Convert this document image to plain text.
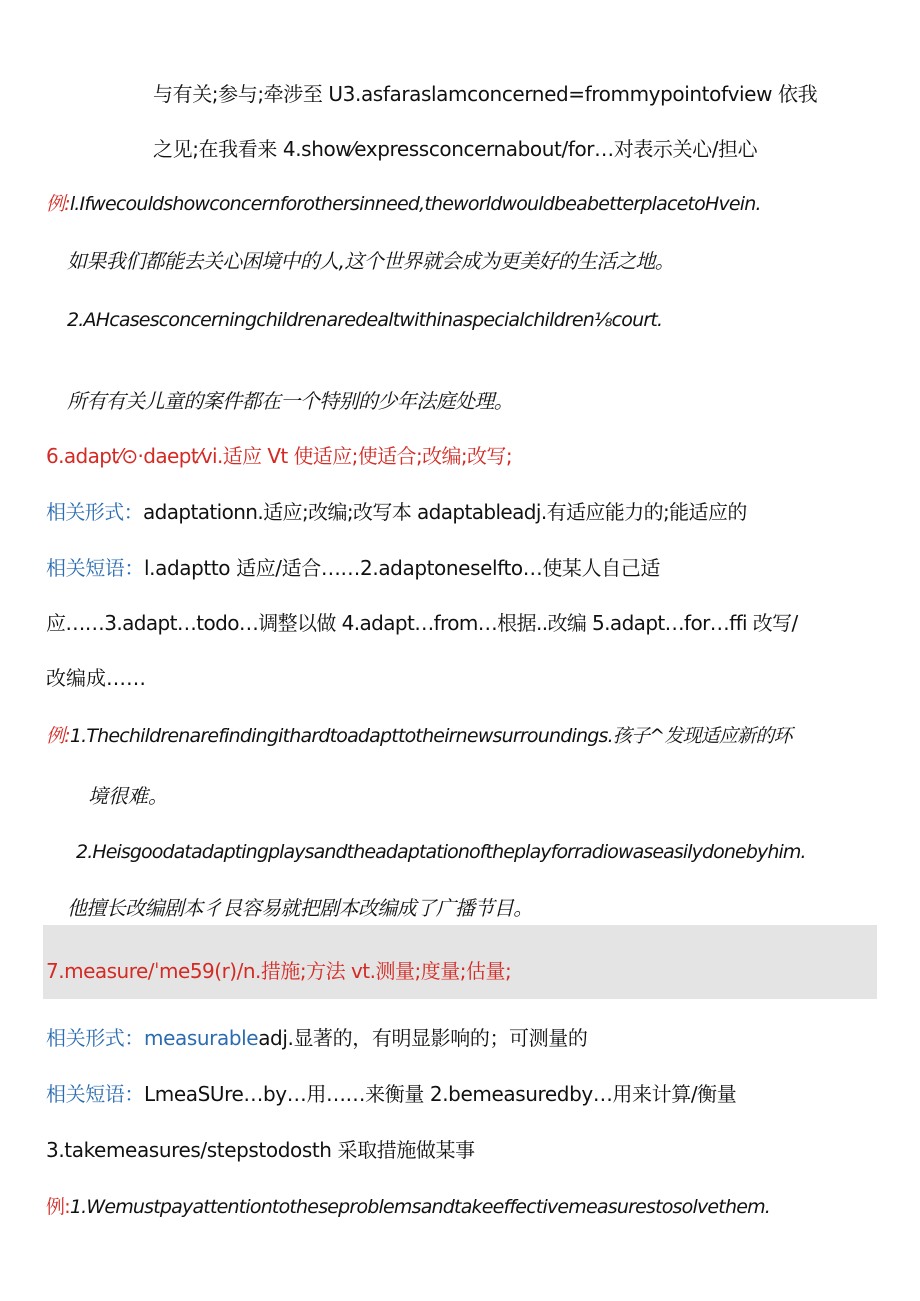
与有关;参与;牵涉至 U3.asfaraslamconcerned=frommypointofview 依我
之见;在我看来 4.show⁄expressconcernabout/for…对表示关心/担心
例:l.Ifwecouldshowconcernforothersinneed,theworldwouldbeabetterplacetoHvein.
如果我们都能去关心困境中的人,这个世界就会成为更美好的生活之地。
2.AHcasesconcerningchildrenaredealtwithinaspecialchildren⅛court.
所有有关儿童的案件都在一个特别的少年法庭处理。
6.adapt⁄⊙·daept⁄vi.适应 Vt 使适应;使适合;改编;改写;
相关形式：adaptationn.适应;改编;改写本 adaptableadj.有适应能力的;能适应的
相关短语：l.adaptto 适应/适合……2.adaptoneselfto…使某人自己适
应……3.adapt…todo…调整以做 4.adapt…from…根据..改编 5.adapt…for…ffi 改写/
改编成……
例:1.Thechildrenarefindingithardtoadapttotheirnewsurroundings.孩子^发现适应新的环
境很难。
2.Heisgoodatadaptingplaysandtheadaptationoftheplayforradiowaseasilydonebyhim.
他擅长改编剧本彳艮容易就把剧本改编成了广播节目。
7.measure/ˈme59(r)/n.措施;方法 vt.测量;度量;估量;
相关形式：measurableadj.显著的，有明显影响的；可测量的
相关短语：LmeaSUre…by…用……来衡量 2.bemeasuredby…用来计算/衡量
3.takemeasures/stepstodosth 采取措施做某事
例:1.Wemustpayattentiontotheseproblemsandtakeeffectivemeasurestosolvethem.
